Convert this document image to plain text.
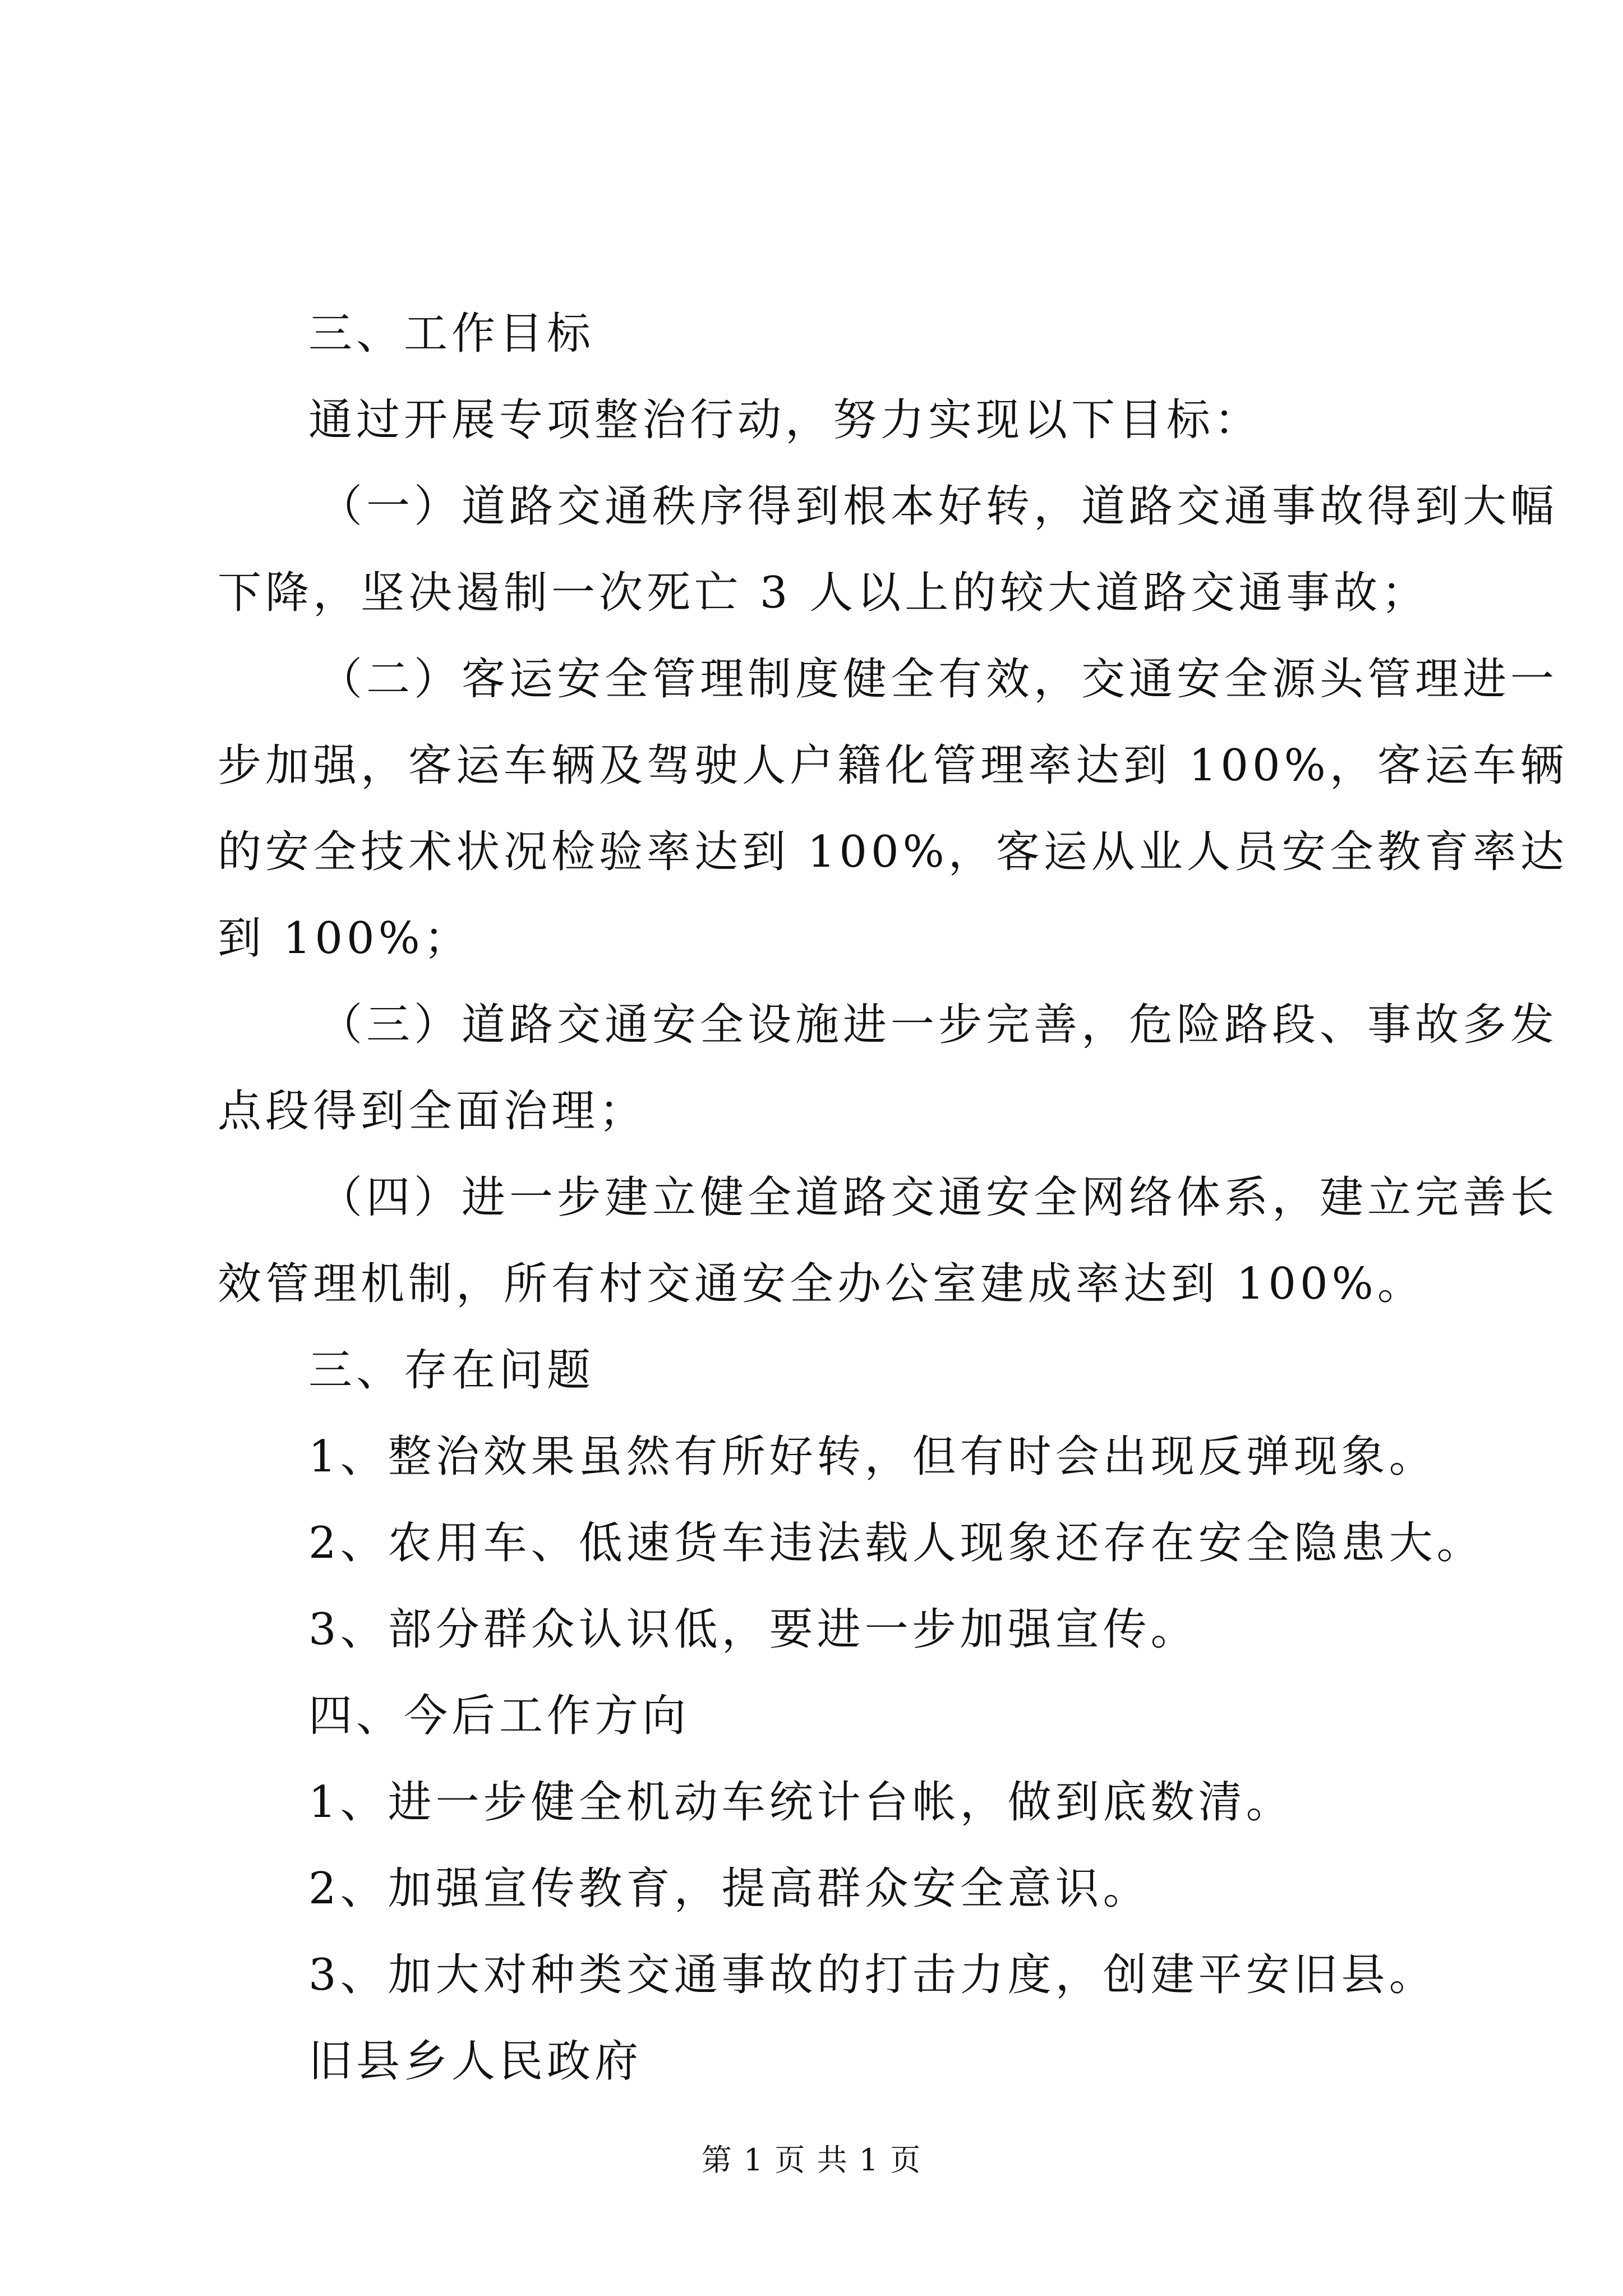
三、工作目标
通过开展专项整治行动，努力实现以下目标：
（一）道路交通秩序得到根本好转，道路交通事故得到大幅
下降，坚决遏制一次死亡 3 人以上的较大道路交通事故；
（二）客运安全管理制度健全有效，交通安全源头管理进一
步加强，客运车辆及驾驶人户籍化管理率达到 100%，客运车辆
的安全技术状况检验率达到 100%，客运从业人员安全教育率达
到 100%；
（三）道路交通安全设施进一步完善，危险路段、事故多发
点段得到全面治理；
（四）进一步建立健全道路交通安全网络体系，建立完善长
效管理机制，所有村交通安全办公室建成率达到 100%。
三、存在问题
1、整治效果虽然有所好转，但有时会出现反弹现象。
2、农用车、低速货车违法载人现象还存在安全隐患大。
3、部分群众认识低，要进一步加强宣传。
四、今后工作方向
1、进一步健全机动车统计台帐，做到底数清。
2、加强宣传教育，提高群众安全意识。
3、加大对种类交通事故的打击力度，创建平安旧县。
旧县乡人民政府
第 1 页 共 1 页
